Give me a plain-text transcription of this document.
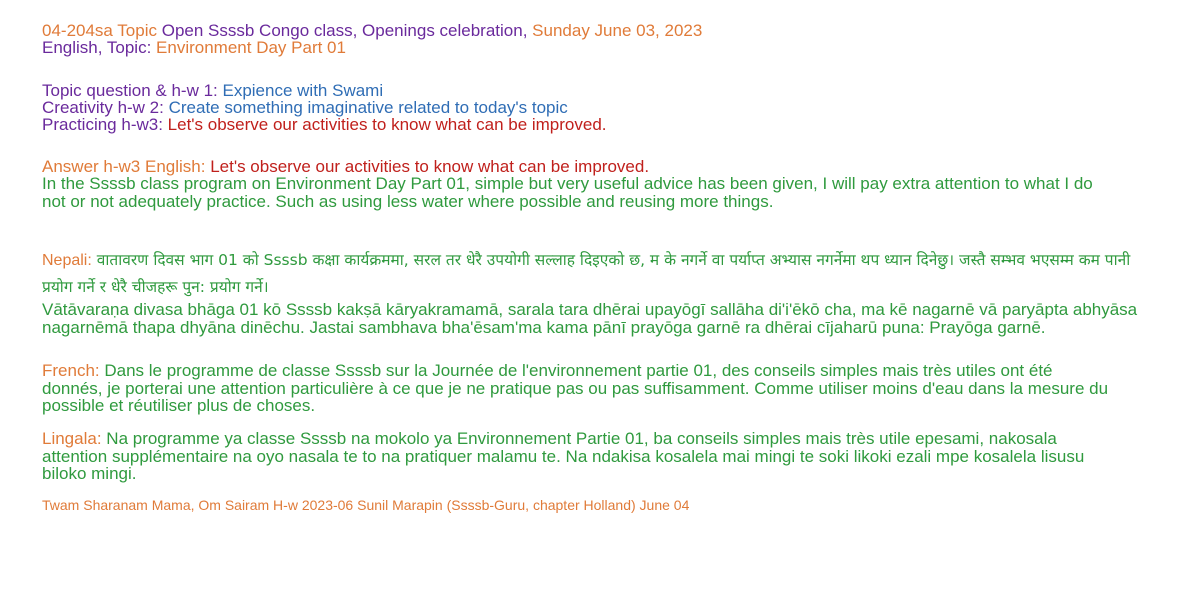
04-204sa Topic Open Ssssb Congo class, Openings celebration, Sunday June 03, 2023
English, Topic: Environment Day Part 01
Topic question & h-w 1: Expience with Swami
Creativity h-w 2: Create something imaginative related to today's topic
Practicing h-w3: Let's observe our activities to know what can be improved.
Answer h-w3 English: Let's observe our activities to know what can be improved.
In the Ssssb class program on Environment Day Part 01, simple but very useful advice has been given, I will pay extra attention to what I do not or not adequately practice. Such as using less water where possible and reusing more things.
Nepali: वातावरण दिवस भाग 01 को Ssssb कक्षा कार्यक्रममा, सरल तर धेरै उपयोगी सल्लाह दिइएको छ, म के नगर्ने वा पर्याप्त अभ्यास नगर्नेमा थप ध्यान दिनेछु। जस्तै सम्भव भएसम्म कम पानी प्रयोग गर्ने र धेरै चीजहरू पुन: प्रयोग गर्ने।
Vātāvaraṇa divasa bhāga 01 kō Ssssb kakṣā kāryakramamā, sarala tara dhērai upayōgī sallāha di'i'ēkō cha, ma kē nagarnē vā paryāpta abhyāsa nagarnēmā thapa dhyāna dinēchu. Jastai sambhava bha'ēsam'ma kama pānī prayōga garnē ra dhērai cījaharū puna: Prayōga garnē.
French: Dans le programme de classe Ssssb sur la Journée de l'environnement partie 01, des conseils simples mais très utiles ont été donnés, je porterai une attention particulière à ce que je ne pratique pas ou pas suffisamment. Comme utiliser moins d'eau dans la mesure du possible et réutiliser plus de choses.
Lingala: Na programme ya classe Ssssb na mokolo ya Environnement Partie 01, ba conseils simples mais très utile epesami, nakosala attention supplémentaire na oyo nasala te to na pratiquer malamu te. Na ndakisa kosalela mai mingi te soki likoki ezali mpe kosalela lisusu biloko mingi.
Twam Sharanam Mama, Om Sairam H-w 2023-06 Sunil Marapin (Ssssb-Guru, chapter Holland) June 04
